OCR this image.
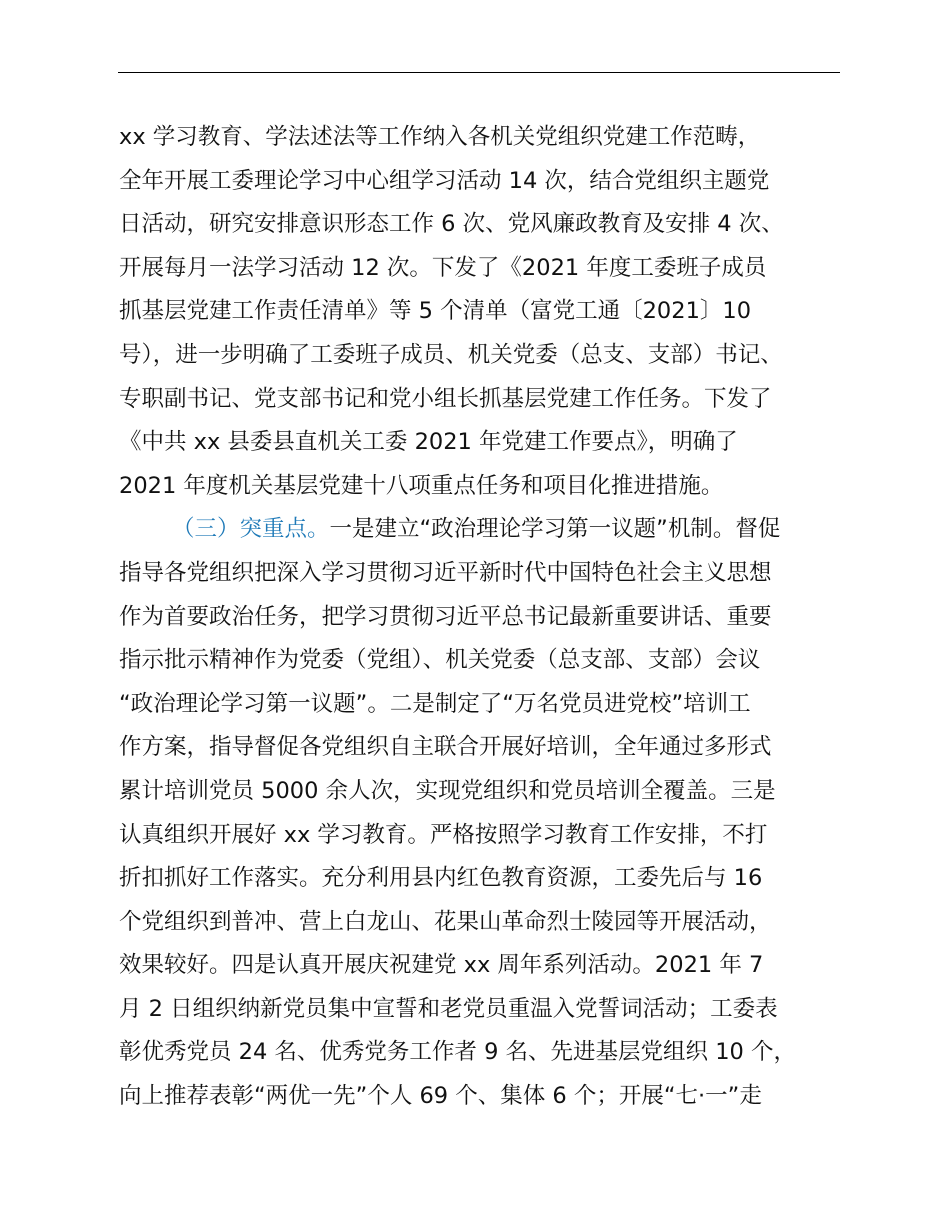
xx 学习教育、学法述法等工作纳入各机关党组织党建工作范畴，
全年开展工委理论学习中心组学习活动 14 次，结合党组织主题党
日活动，研究安排意识形态工作 6 次、党风廉政教育及安排 4 次、
开展每月一法学习活动 12 次。下发了《2021 年度工委班子成员
抓基层党建工作责任清单》等 5 个清单（富党工通〔2021〕10
号），进一步明确了工委班子成员、机关党委（总支、支部）书记、
专职副书记、党支部书记和党小组长抓基层党建工作任务。下发了
《中共 xx 县委县直机关工委 2021 年党建工作要点》，明确了
2021 年度机关基层党建十八项重点任务和项目化推进措施。
（三）突重点。一是建立“政治理论学习第一议题”机制。督促
指导各党组织把深入学习贯彻习近平新时代中国特色社会主义思想
作为首要政治任务，把学习贯彻习近平总书记最新重要讲话、重要
指示批示精神作为党委（党组）、机关党委（总支部、支部）会议
“政治理论学习第一议题”。二是制定了“万名党员进党校”培训工
作方案，指导督促各党组织自主联合开展好培训，全年通过多形式
累计培训党员 5000 余人次，实现党组织和党员培训全覆盖。三是
认真组织开展好 xx 学习教育。严格按照学习教育工作安排，不打
折扣抓好工作落实。充分利用县内红色教育资源，工委先后与 16
个党组织到普冲、营上白龙山、花果山革命烈士陵园等开展活动，
效果较好。四是认真开展庆祝建党 xx 周年系列活动。2021 年 7
月 2 日组织纳新党员集中宣誓和老党员重温入党誓词活动；工委表
彰优秀党员 24 名、优秀党务工作者 9 名、先进基层党组织 10 个，
向上推荐表彰“两优一先”个人 69 个、集体 6 个；开展“七·一”走
